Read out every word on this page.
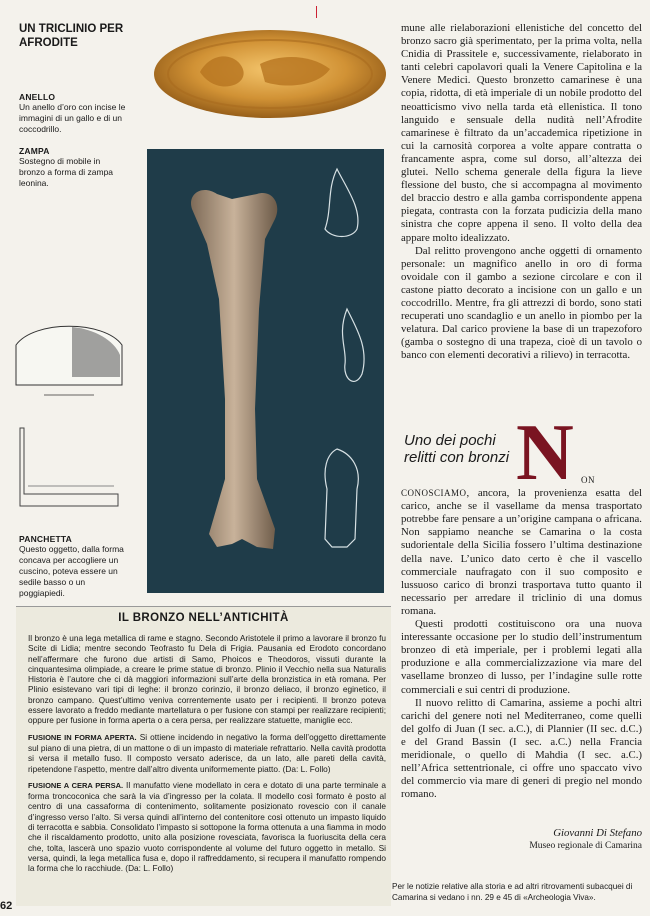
UN TRICLINIO PER AFRODITE
ANELLO
Un anello d’oro con incise le immagini di un gallo e di un coccodrillo.
ZAMPA
Sostegno di mobile in bronzo a forma di zampa leonina.
PANCHETTA
Questo oggetto, dalla forma concava per accogliere un cuscino, poteva essere un sedile basso o un poggiapiedi.

mune alle rielaborazioni ellenistiche del concetto del bronzo sacro già sperimentato, per la prima volta, nella Cnidia di Prassitele e, successivamente, rielaborato in tanti celebri capolavori quali la Venere Capitolina e la Venere Medici. Questo bronzetto camarinese è una copia, ridotta, di età imperiale di un nobile prodotto del neoatticismo vivo nella tarda età ellenistica. Il tono languido e sensuale della nudità nell’Afrodite camarinese è filtrato da un’accademica ripetizione in cui la carnosità corporea a volte appare contratta o francamente aspra, come sul dorso, all’altezza dei glutei. Nello schema generale della figura la lieve flessione del busto, che si accompagna al movimento del braccio destro e alla gamba corrispondente appena piegata, contrasta con la forzata pudicizia della mano sinistra che copre appena il seno. Il volto della dea appare molto idealizzato.

Dal relitto provengono anche oggetti di ornamento personale: un magnifico anello in oro di forma ovoidale con il gambo a sezione circolare e con il castone piatto decorato a incisione con un gallo e un coccodrillo. Mentre, fra gli attrezzi di bordo, sono stati recuperati uno scandaglio e un anello in piombo per la velatura. Dal carico proviene la base di un trapezoforo (gamba o sostegno di una trapeza, cioè di un tavolo o banco con elementi decorativi a rilievo) in terracotta.

Uno dei pochi relitti con bronzi N ON CONOSCIAMO, ancora, la provenienza esatta del carico, anche se il vasellame da mensa trasportato potrebbe fare pensare a un’origine campana o africana. Non sappiamo neanche se Camarina o la costa sudorientale della Sicilia fossero l’ultima destinazione della nave. L’unico dato certo è che il vascello commerciale naufragato con il suo composito e lussuoso carico di bronzi trasportava tutto quanto il necessario per arredare il triclinio di una domus romana.

Questi prodotti costituiscono ora una nuova interessante occasione per lo studio dell’instrumentum bronzeo di età imperiale, per i problemi legati alla produzione e alla commercializzazione via mare del vasellame bronzeo di lusso, per l’indagine sulle rotte commerciali e sui centri di produzione.

Il nuovo relitto di Camarina, assieme a pochi altri carichi del genere noti nel Mediterraneo, come quelli del golfo di Juan (I sec. a.C.), di Plannier (II sec. d.C.) e del Grand Bassin (I sec. a.C.) nella Francia meridionale, o quello di Mahdia (I sec. a.C.) nell’Africa settentrionale, ci offre uno spaccato vivo del commercio via mare di generi di pregio nel mondo romano.

Giovanni Di Stefano
Museo regionale di Camarina
Per le notizie relative alla storia e ad altri ritrovamenti subacquei di Camarina si vedano i nn. 29 e 45 di «Archeologia Viva».
IL BRONZO NELL’ANTICHITÀ

Il bronzo è una lega metallica di rame e stagno. Secondo Aristotele il primo a lavorare il bronzo fu Scite di Lidia; mentre secondo Teofrasto fu Dela di Frigia. Pausania ed Erodoto concordano nell’affermare che furono due artisti di Samo, Phoicos e Theodoros, vissuti durante la cinquantesima olimpiade, a creare le prime statue di bronzo. Plinio il Vecchio nella sua Naturalis Historia è l’autore che ci dà maggiori informazioni sull’arte della bronzistica in età romana. Per Plinio esistevano vari tipi di leghe: il bronzo corinzio, il bronzo deliaco, il bronzo eginetico, il bronzo campano. Quest’ultimo veniva correntemente usato per i recipienti. Il bronzo poteva essere lavorato a freddo mediante martellatura o per fusione con stampi per realizzare recipienti; oppure per fusione in forma aperta o a cera persa, per realizzare statuette, maniglie ecc.

FUSIONE IN FORMA APERTA. Si ottiene incidendo in negativo la forma dell’oggetto direttamente sul piano di una pietra, di un mattone o di un impasto di materiale refrattario. Nella cavità prodotta si versa il metallo fuso. Il composto versato aderisce, da un lato, alle pareti della cavità, ripetendone l’aspetto, mentre dall’altro diventa uniformemente piatto. (Da: L. Follo)

FUSIONE A CERA PERSA. Il manufatto viene modellato in cera e dotato di una parte terminale a forma troncoconica che sarà la via d’ingresso per la colata. Il modello così formato è posto al centro di una cassaforma di contenimento, solitamente posizionato rovescio con il canale d’ingresso verso l’alto. Si versa quindi all’interno del contenitore così ottenuto un impasto liquido di terracotta e sabbia. Consolidato l’impasto si sottopone la forma ottenuta a una fiamma in modo che il riscaldamento prodotto, unito alla posizione rovesciata, favorisca la fuoriuscita della cera che, tolta, lascerà uno spazio vuoto corrispondente al volume del futuro oggetto in metallo. Si versa, quindi, la lega metallica fusa e, dopo il raffreddamento, si recupera il manufatto rompendo la forma che lo racchiude. (Da: L. Follo)

62
